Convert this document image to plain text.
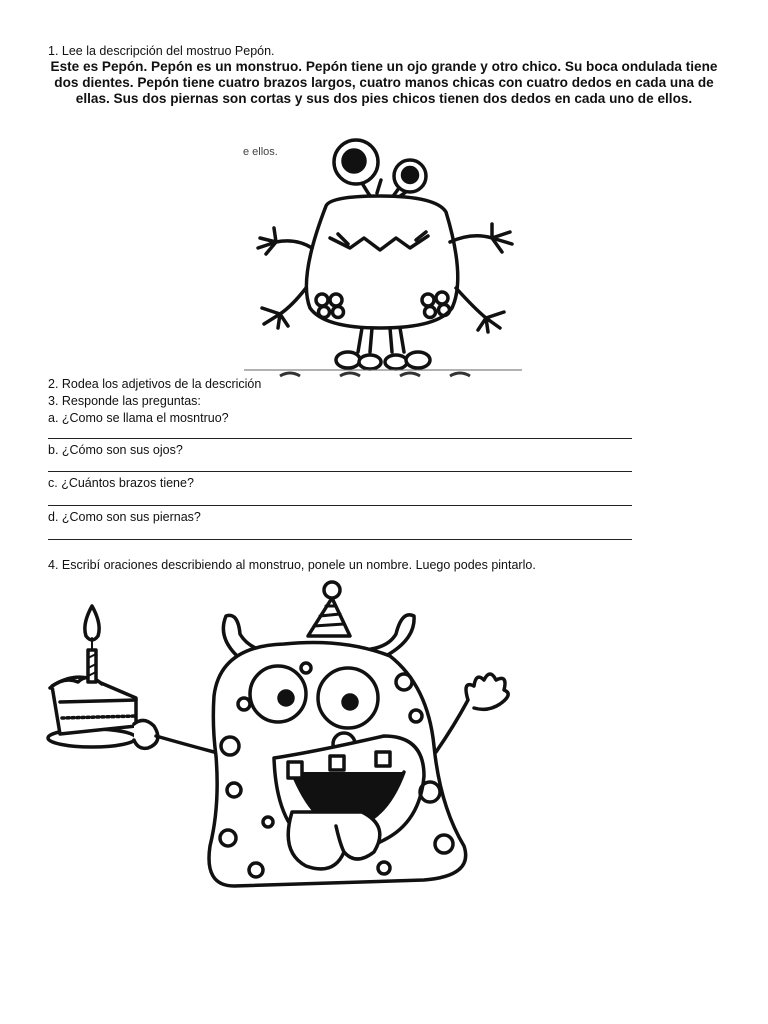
1. Lee la descripción del mostruo Pepón.
Este es Pepón. Pepón es un monstruo. Pepón tiene un ojo grande y otro chico. Su boca ondulada tiene dos dientes. Pepón tiene cuatro brazos largos, cuatro manos chicas con cuatro dedos en cada una de ellas. Sus dos piernas son cortas y sus dos pies chicos tienen dos dedos en cada uno de ellos.
e ellos.
2. Rodea los adjetivos de la descrición
3. Responde las preguntas:
a. ¿Como se llama el mosntruo?
b. ¿Cómo son sus ojos?
c. ¿Cuántos brazos tiene?
d. ¿Como son sus piernas?
4. Escribí oraciones describiendo al monstruo, ponele un nombre. Luego podes pintarlo.
